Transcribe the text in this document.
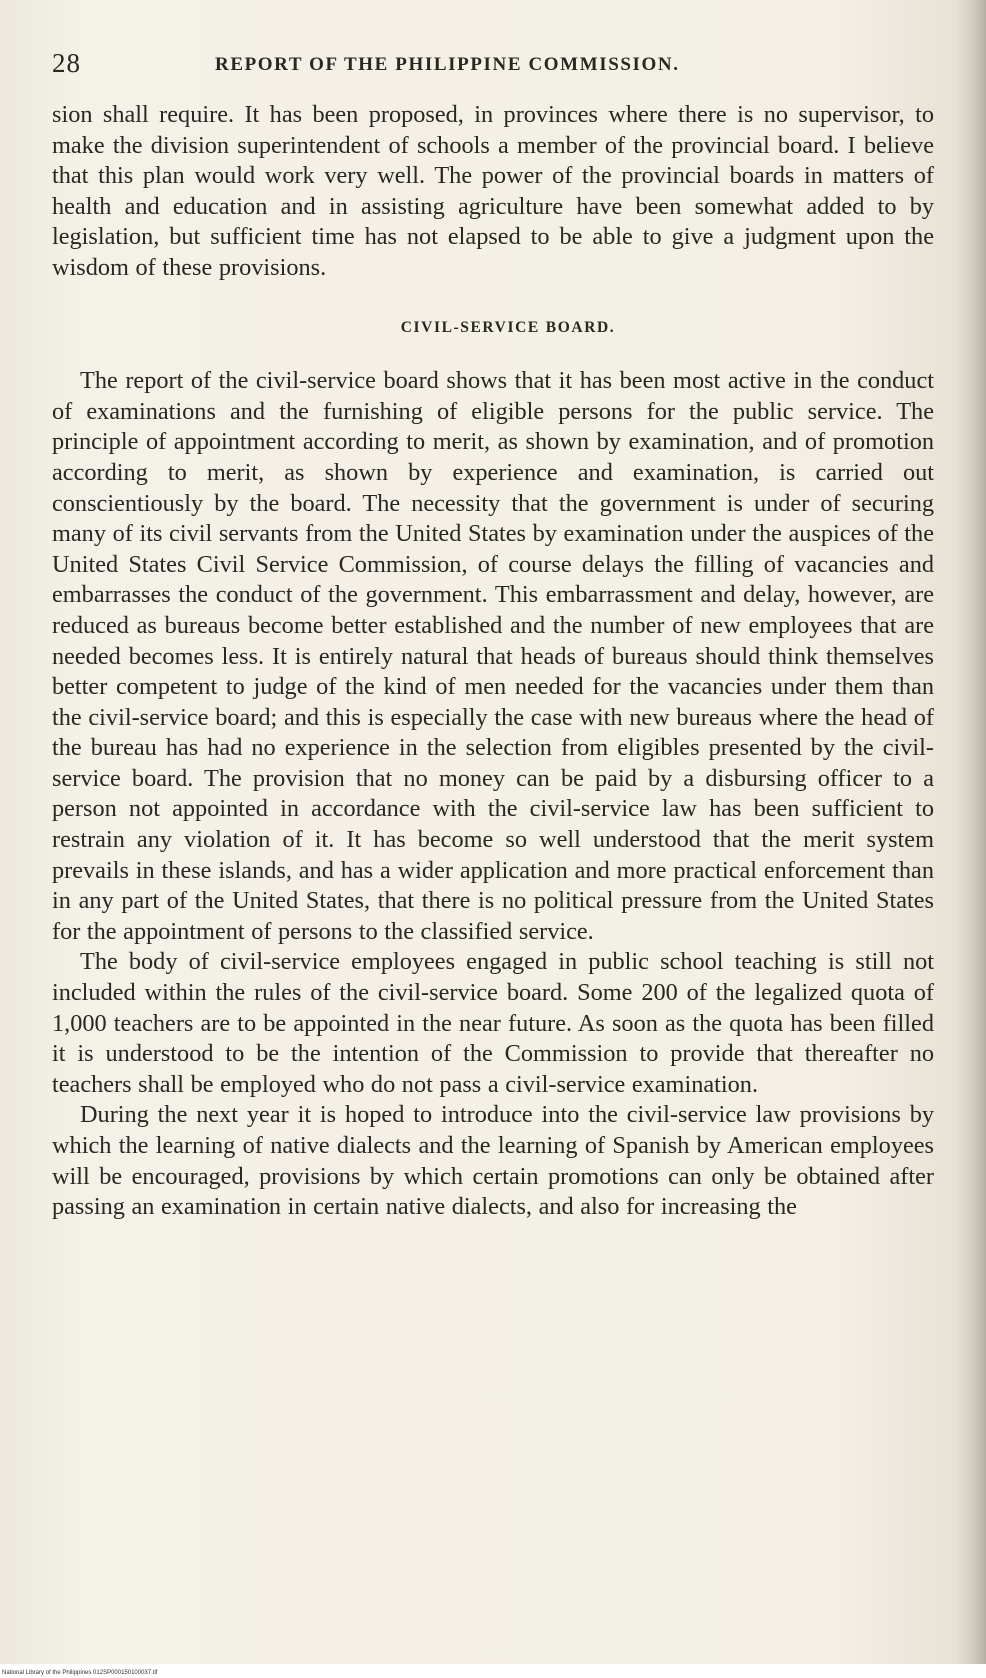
28	REPORT OF THE PHILIPPINE COMMISSION.

sion shall require. It has been proposed, in provinces where there is no supervisor, to make the division superintendent of schools a member of the provincial board. I believe that this plan would work very well. The power of the provincial boards in matters of health and education and in assisting agriculture have been somewhat added to by legislation, but sufficient time has not elapsed to be able to give a judgment upon the wisdom of these provisions.

CIVIL-SERVICE BOARD.

The report of the civil-service board shows that it has been most active in the conduct of examinations and the furnishing of eligible persons for the public service. The principle of appointment according to merit, as shown by examination, and of promotion according to merit, as shown by experience and examination, is carried out conscientiously by the board. The necessity that the government is under of securing many of its civil servants from the United States by examination under the auspices of the United States Civil Service Commission, of course delays the filling of vacancies and embarrasses the conduct of the government. This embarrassment and delay, however, are reduced as bureaus become better established and the number of new employees that are needed becomes less. It is entirely natural that heads of bureaus should think themselves better competent to judge of the kind of men needed for the vacancies under them than the civil-service board; and this is especially the case with new bureaus where the head of the bureau has had no experience in the selection from eligibles presented by the civil-service board. The provision that no money can be paid by a disbursing officer to a person not appointed in accordance with the civil-service law has been sufficient to restrain any violation of it. It has become so well understood that the merit system prevails in these islands, and has a wider application and more practical enforcement than in any part of the United States, that there is no political pressure from the United States for the appointment of persons to the classified service.

The body of civil-service employees engaged in public school teaching is still not included within the rules of the civil-service board. Some 200 of the legalized quota of 1,000 teachers are to be appointed in the near future. As soon as the quota has been filled it is understood to be the intention of the Commission to provide that thereafter no teachers shall be employed who do not pass a civil-service examination.

During the next year it is hoped to introduce into the civil-service law provisions by which the learning of native dialects and the learning of Spanish by American employees will be encouraged, provisions by which certain promotions can only be obtained after passing an examination in certain native dialects, and also for increasing the

National Library of the Philippines 012SP000150100037.tif
